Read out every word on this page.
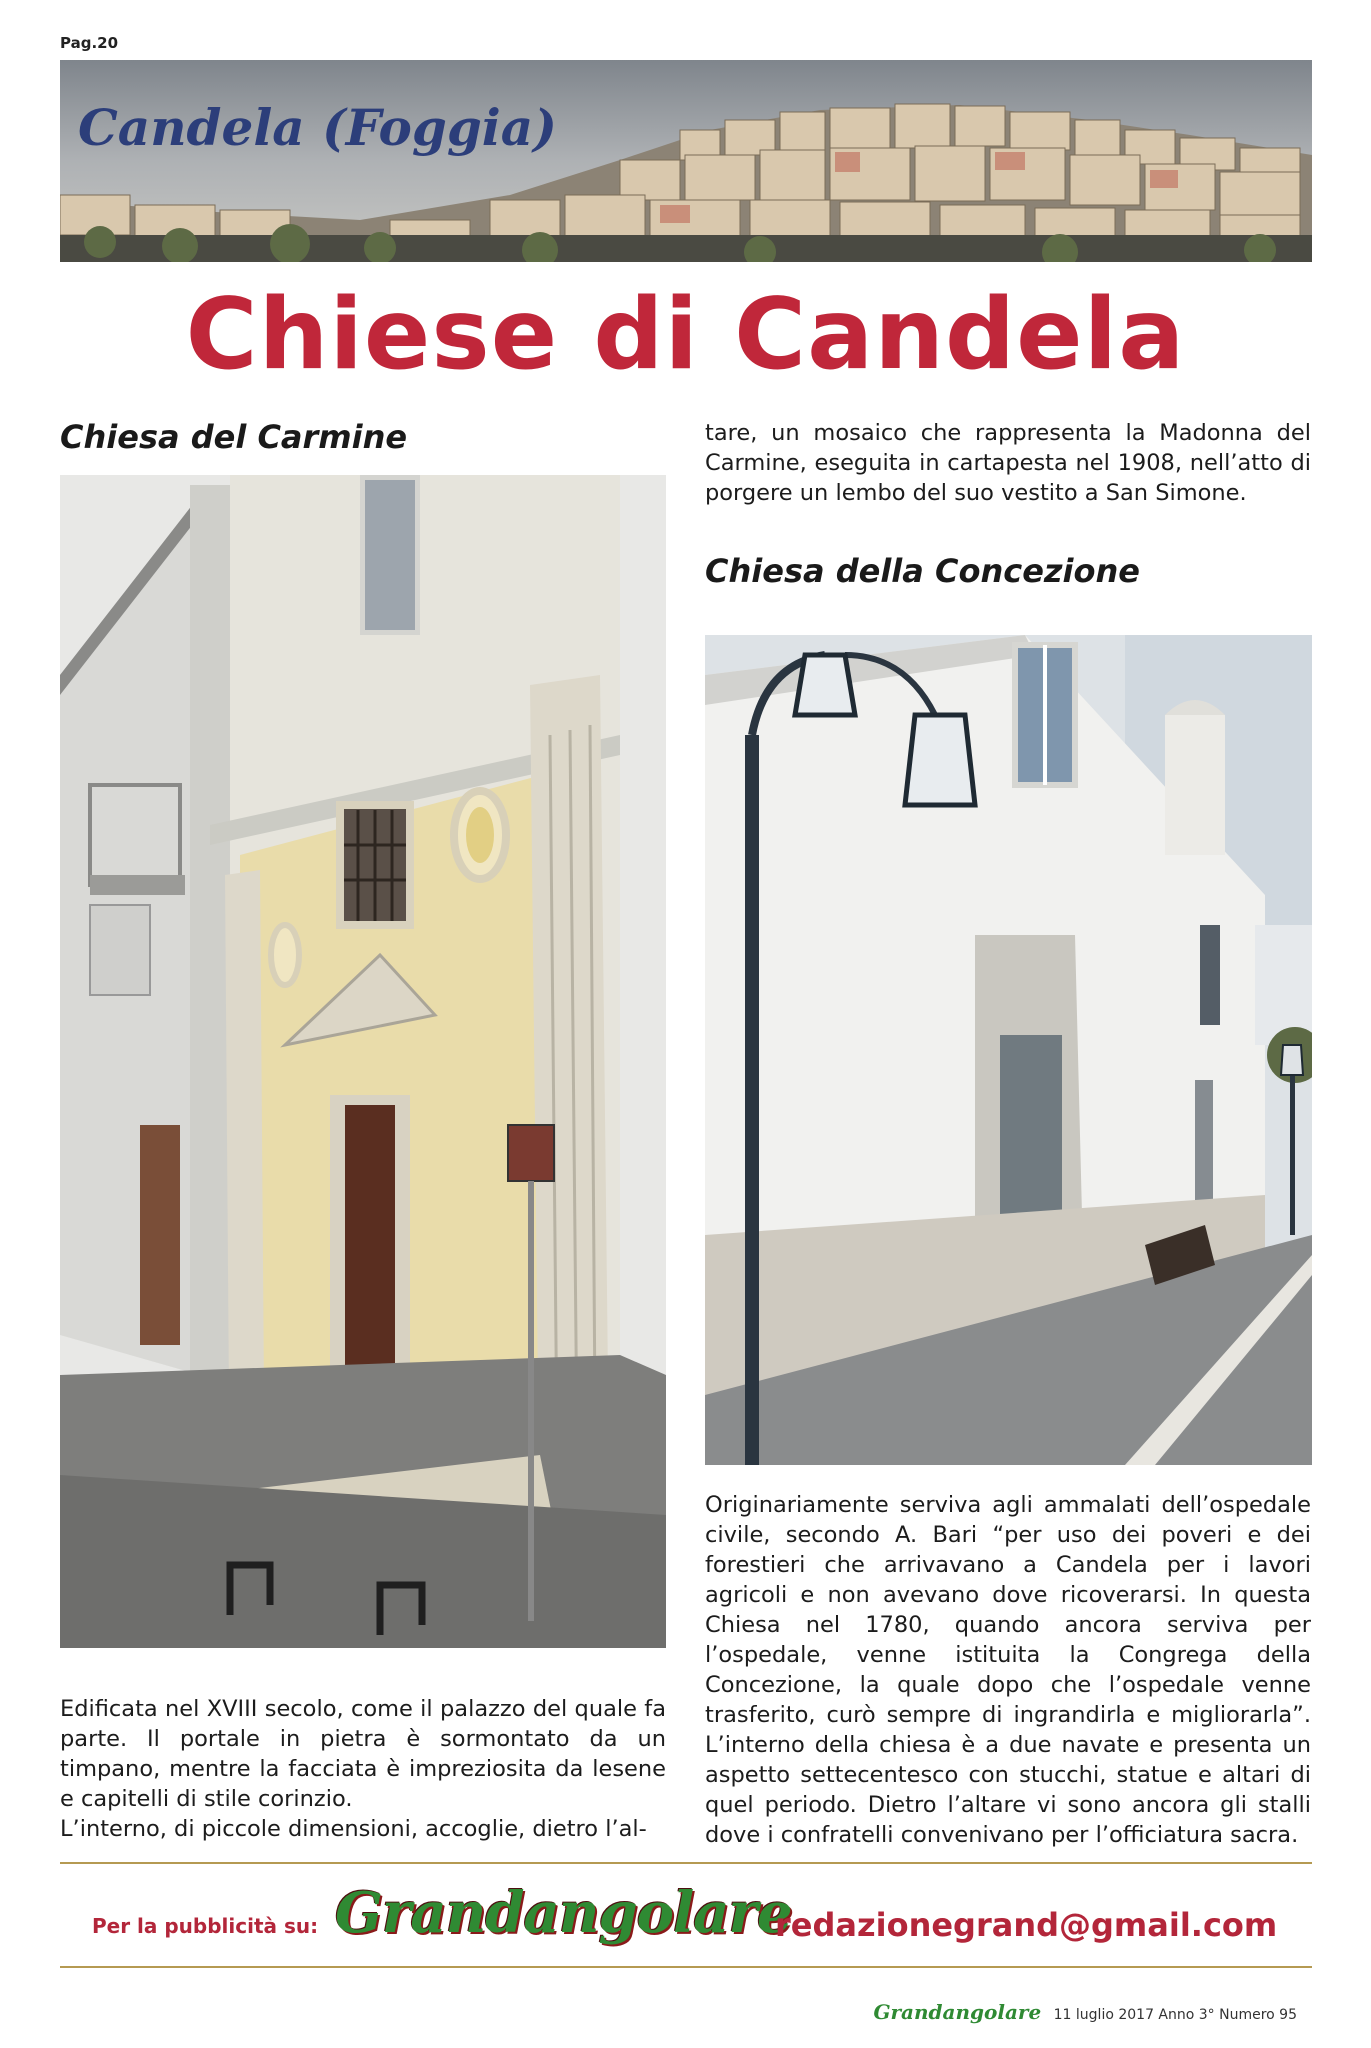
Pag.20
Candela (Foggia)
Chiese di Candela
Chiesa del Carmine

Edificata nel XVIII secolo, come il palazzo del quale fa parte. Il portale in pietra è sormontato da un timpano, mentre la facciata è impreziosita da lesene e capitelli di stile corinzio.

L’interno, di piccole dimensioni, accoglie, dietro l’al-

tare, un mosaico che rappresenta la Madonna del Carmine, eseguita in cartapesta nel 1908, nell’atto di porgere un lembo del suo vestito a San Simone.
Chiesa della Concezione
Originariamente serviva agli ammalati dell’ospedale civile, secondo A. Bari “per uso dei poveri e dei forestieri che arrivavano a Candela per i lavori agricoli e non avevano dove ricoverarsi. In questa Chiesa nel 1780, quando ancora serviva per l’ospedale, venne istituita la Congrega della Concezione, la quale dopo che l’ospedale venne trasferito, curò sempre di ingrandirla e migliorarla”. L’interno della chiesa è a due navate e presenta un aspetto settecentesco con stucchi, statue e altari di quel periodo. Dietro l’altare vi sono ancora gli stalli dove i confratelli convenivano per l’officiatura sacra.
Per la pubblicità su: Grandangolare
redazionegrand@gmail.com
Grandangolare 11 luglio 2017 Anno 3° Numero 95
